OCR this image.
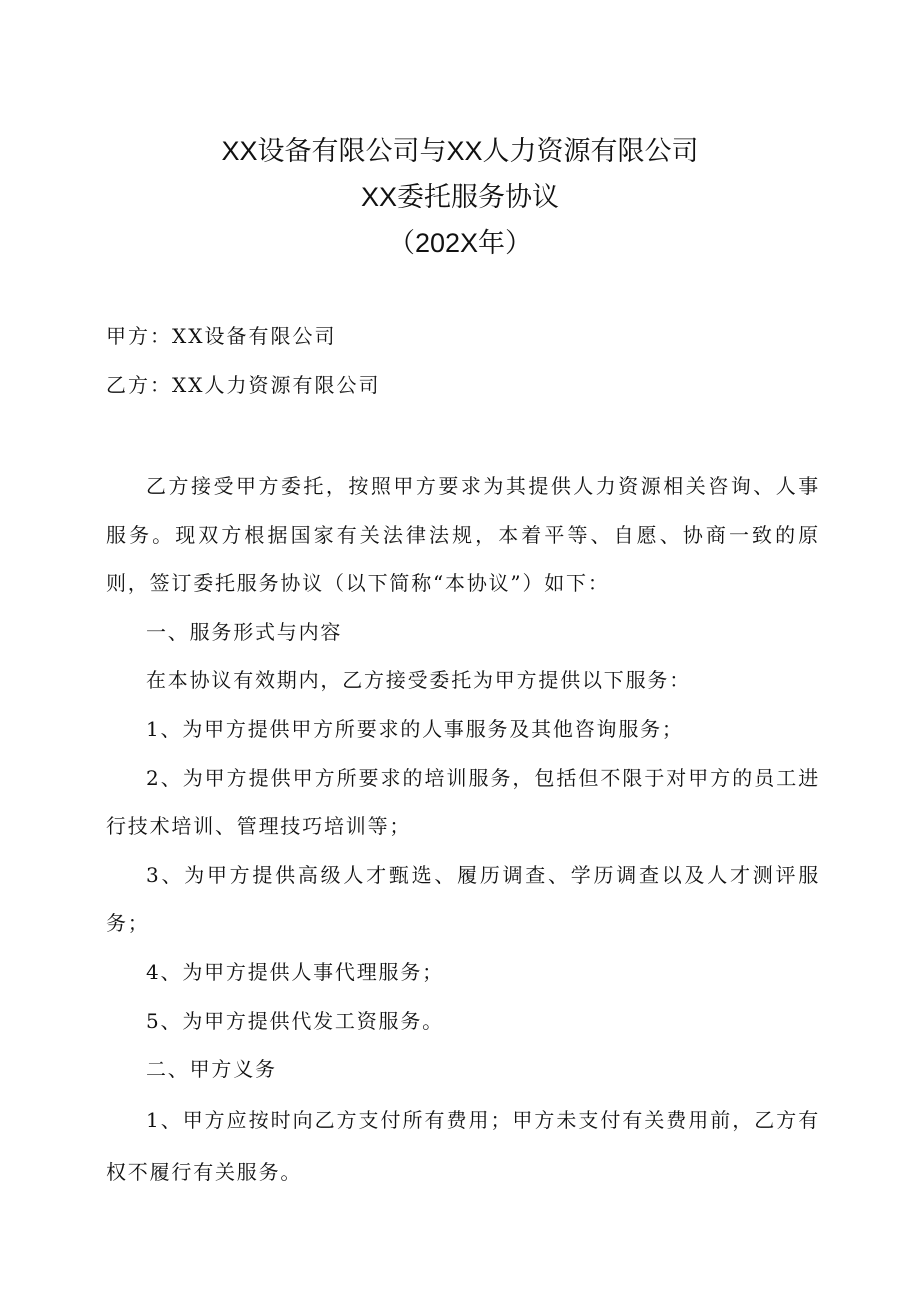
XX设备有限公司与XX人力资源有限公司
XX委托服务协议
（202X年）
甲方：XX设备有限公司
乙方：XX人力资源有限公司

乙方接受甲方委托，按照甲方要求为其提供人力资源相关咨询、人事服务。现双方根据国家有关法律法规，本着平等、自愿、协商一致的原则，签订委托服务协议（以下简称“本协议”）如下：

一、服务形式与内容

在本协议有效期内，乙方接受委托为甲方提供以下服务：

1、为甲方提供甲方所要求的人事服务及其他咨询服务；

2、为甲方提供甲方所要求的培训服务，包括但不限于对甲方的员工进行技术培训、管理技巧培训等；

3、为甲方提供高级人才甄选、履历调查、学历调查以及人才测评服务；

4、为甲方提供人事代理服务；

5、为甲方提供代发工资服务。

二、甲方义务

1、甲方应按时向乙方支付所有费用；甲方未支付有关费用前，乙方有权不履行有关服务。
